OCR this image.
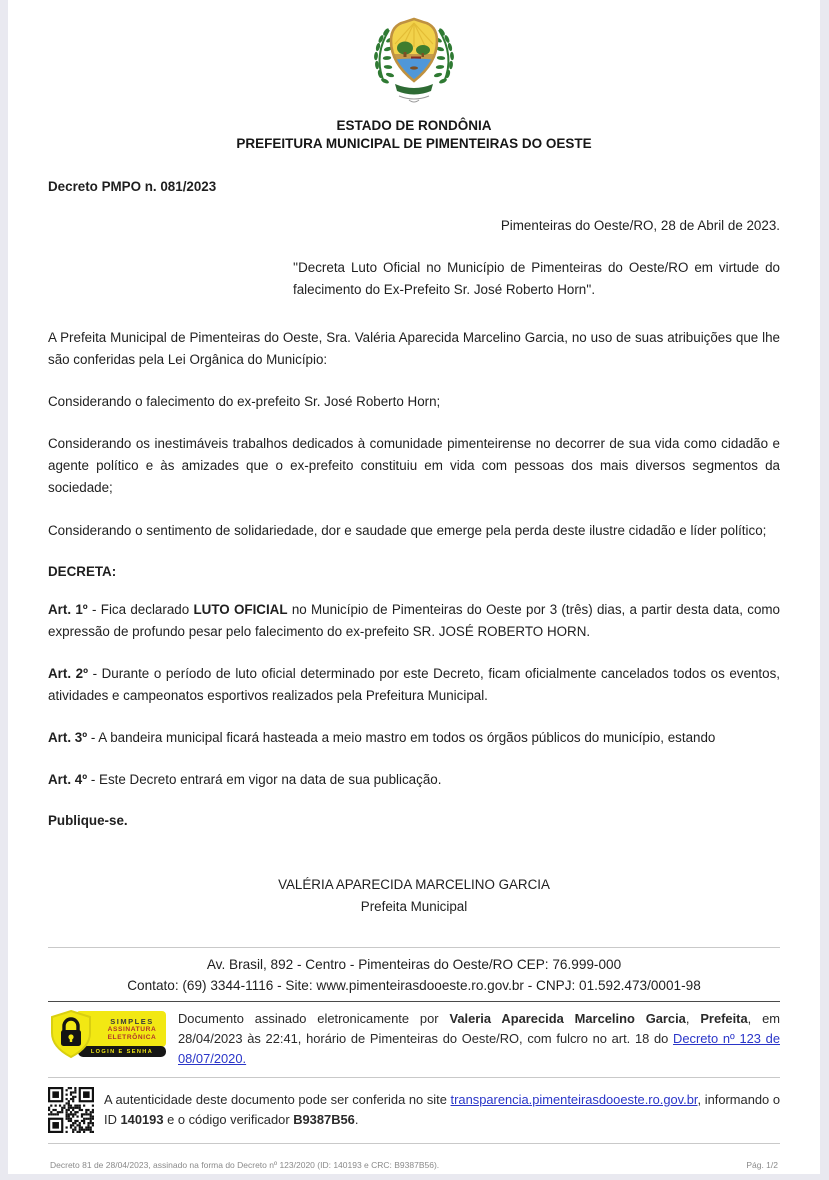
ESTADO DE RONDÔNIA
PREFEITURA MUNICIPAL DE PIMENTEIRAS DO OESTE
Decreto PMPO n. 081/2023
Pimenteiras do Oeste/RO, 28 de Abril de 2023.
''Decreta Luto Oficial no Município de Pimenteiras do Oeste/RO em virtude do falecimento do Ex-Prefeito Sr. José Roberto Horn''.

A Prefeita Municipal de Pimenteiras do Oeste, Sra. Valéria Aparecida Marcelino Garcia, no uso de suas atribuições que lhe são conferidas pela Lei Orgânica do Município:

Considerando o falecimento do ex-prefeito Sr. José Roberto Horn;

Considerando os inestimáveis trabalhos dedicados à comunidade pimenteirense no decorrer de sua vida como cidadão e agente político e às amizades que o ex-prefeito constituiu em vida com pessoas dos mais diversos segmentos da sociedade;

Considerando o sentimento de solidariedade, dor e saudade que emerge pela perda deste ilustre cidadão e líder político;

DECRETA:

Art. 1º - Fica declarado LUTO OFICIAL no Município de Pimenteiras do Oeste por 3 (três) dias, a partir desta data, como expressão de profundo pesar pelo falecimento do ex-prefeito SR. JOSÉ ROBERTO HORN.

Art. 2º - Durante o período de luto oficial determinado por este Decreto, ficam oficialmente cancelados todos os eventos, atividades e campeonatos esportivos realizados pela Prefeitura Municipal.

Art. 3º - A bandeira municipal ficará hasteada a meio mastro em todos os órgãos públicos do município, estando

Art. 4º - Este Decreto entrará em vigor na data de sua publicação.

Publique-se.
VALÉRIA APARECIDA MARCELINO GARCIA
Prefeita Municipal
Av. Brasil, 892 - Centro - Pimenteiras do Oeste/RO CEP: 76.999-000
Contato: (69) 3344-1116 - Site: www.pimenteirasdooeste.ro.gov.br - CNPJ: 01.592.473/0001-98
SIMPLES
ASSINATURA
ELETRÔNICA
LOGIN E SENHA
Documento assinado eletronicamente por Valeria Aparecida Marcelino Garcia, Prefeita, em 28/04/2023 às 22:41, horário de Pimenteiras do Oeste/RO, com fulcro no art. 18 do Decreto nº 123 de 08/07/2020.
A autenticidade deste documento pode ser conferida no site transparencia.pimenteirasdooeste.ro.gov.br, informando o ID 140193 e o código verificador B9387B56.
Decreto 81 de 28/04/2023, assinado na forma do Decreto nº 123/2020 (ID: 140193 e CRC: B9387B56).	Pág. 1/2
